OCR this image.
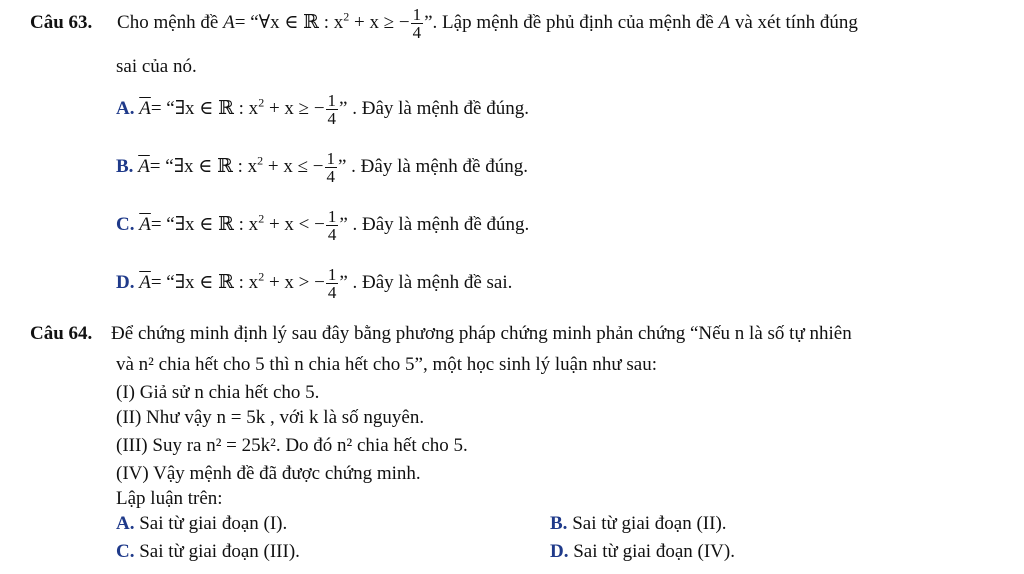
Câu 63. Cho mệnh đề A= “∀x ∈ ℝ : $x^2 + x$ ≥ − $\frac{1}{4}$ ”. Lập mệnh đề phủ định của mệnh đề A và xét tính đúng
sai của nó.
A. $\overline{A}=$ “∃x ∈ ℝ : $x^2 + x$ ≥ − $\frac{1}{4}$ ” . Đây là mệnh đề đúng.
B. $\overline{A}=$ “∃x ∈ ℝ : $x^2 + x$ ≤ − $\frac{1}{4}$ ” . Đây là mệnh đề đúng.
C. $\overline{A}=$ “∃x ∈ ℝ : $x^2 + x$ < − $\frac{1}{4}$ ” . Đây là mệnh đề đúng.
D. $\overline{A}=$ “∃x ∈ ℝ : $x^2 + x$ > − $\frac{1}{4}$ ” . Đây là mệnh đề sai.
Câu 64. Để chứng minh định lý sau đây bằng phương pháp chứng minh phản chứng “Nếu n là số tự nhiên
và n² chia hết cho 5 thì n chia hết cho 5”, một học sinh lý luận như sau:
(I) Giả sử n chia hết cho 5.
(II) Như vậy n = 5k , với k là số nguyên.
(III) Suy ra n² = 25k². Do đó n² chia hết cho 5.
(IV) Vậy mệnh đề đã được chứng minh.
Lập luận trên:
A. Sai từ giai đoạn (I).	B. Sai từ giai đoạn (II).
C. Sai từ giai đoạn (III).	D. Sai từ giai đoạn (IV).
